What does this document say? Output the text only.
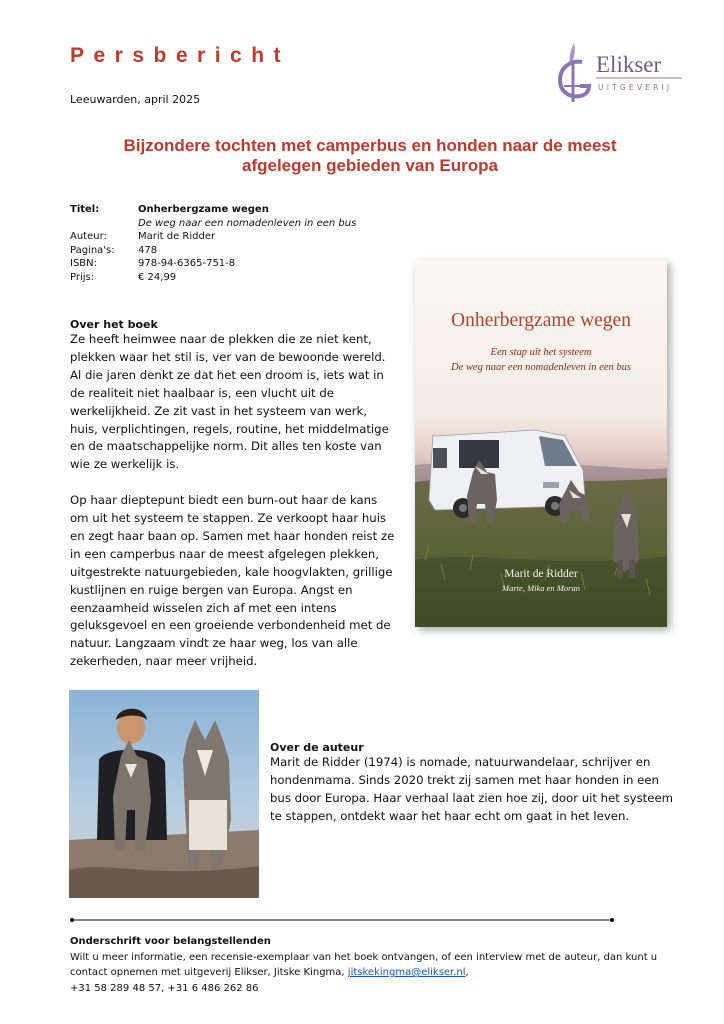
Persbericht	Elikser
UITGEVERIJ
Leeuwarden, april 2025
Bijzondere tochten met camperbus en honden naar de meest
afgelegen gebieden van Europa
Titel:	Onherbergzame wegen
De weg naar een nomadenleven in een bus
Auteur:	Marit de Ridder
Pagina's:	478
ISBN:	978-94-6365-751-8
Prijs:	€ 24,99
Over het boek

Ze heeft heimwee naar de plekken die ze niet kent, plekken waar het stil is, ver van de bewoonde wereld. Al die jaren denkt ze dat het een droom is, iets wat in de realiteit niet haalbaar is, een vlucht uit de werkelijkheid. Ze zit vast in het systeem van werk, huis, verplichtingen, regels, routine, het middelmatige en de maatschappelijke norm. Dit alles ten koste van wie ze werkelijk is.

Op haar dieptepunt biedt een burn-out haar de kans om uit het systeem te stappen. Ze verkoopt haar huis en zegt haar baan op. Samen met haar honden reist ze in een camperbus naar de meest afgelegen plekken, uitgestrekte natuurgebieden, kale hoogvlakten, grillige kustlijnen en ruige bergen van Europa. Angst en eenzaamheid wisselen zich af met een intens geluksgevoel en een groeiende verbondenheid met de natuur. Langzaam vindt ze haar weg, los van alle zekerheden, naar meer vrijheid.

Onherbergzame wegen
Een stap uit het systeem
De weg naar een nomadenleven in een bus
Marit de Ridder
Marte, Mika en Moran
Over de auteur

Marit de Ridder (1974) is nomade, natuurwandelaar, schrijver en hondenmama. Sinds 2020 trekt zij samen met haar honden in een bus door Europa. Haar verhaal laat zien hoe zij, door uit het systeem te stappen, ontdekt waar het haar echt om gaat in het leven.

Onderschrift voor belangstellenden
Wilt u meer informatie, een recensie-exemplaar van het boek ontvangen, of een interview met de auteur, dan kunt u contact opnemen met uitgeverij Elikser, Jitske Kingma, jitskekingma@elikser.nl,
+31 58 289 48 57, +31 6 486 262 86
